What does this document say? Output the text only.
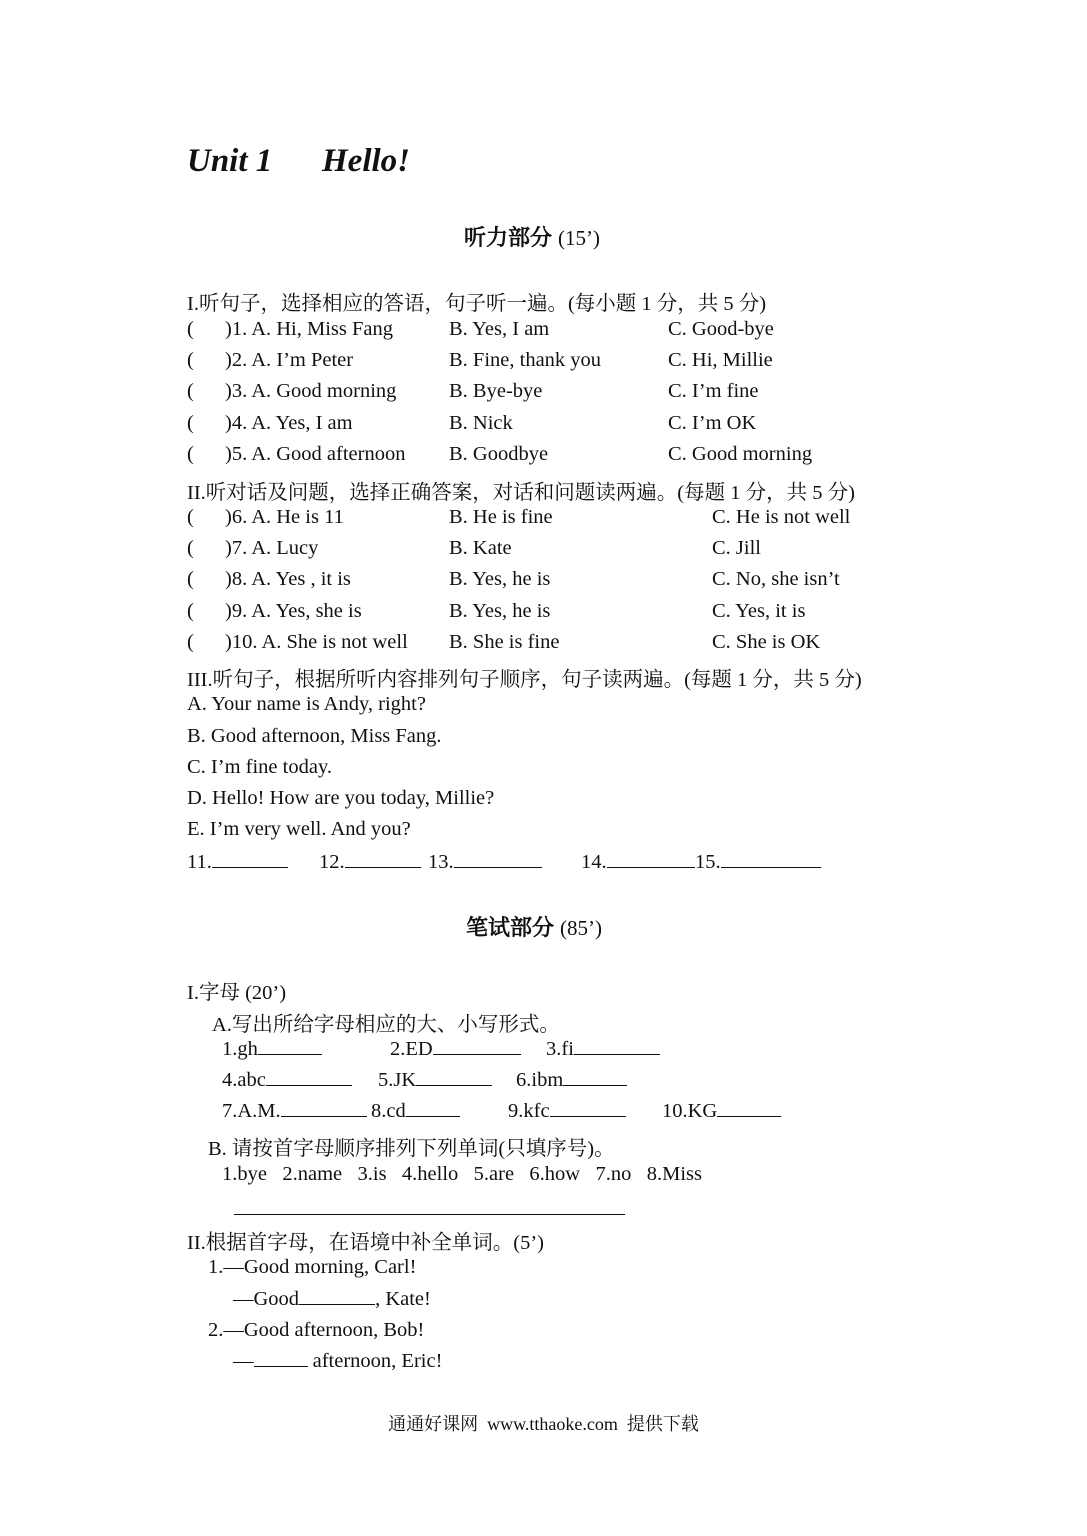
Unit 1 Hello!
听力部分 (15’)
I.听句子，选择相应的答语，句子听一遍。(每小题 1 分，共 5 分)
( )1. A. Hi, Miss Fang	B. Yes, I am	C. Good-bye
( )2. A. I’m Peter	B. Fine, thank you	C. Hi, Millie
( )3. A. Good morning	B. Bye-bye	C. I’m fine
( )4. A. Yes, I am	B. Nick	C. I’m OK
( )5. A. Good afternoon B. Goodbye	C. Good morning
II.听对话及问题，选择正确答案，对话和问题读两遍。(每题 1 分，共 5 分)
( )6. A. He is 11	B. He is fine	C. He is not well
( )7. A. Lucy	B. Kate	C. Jill
( )8. A. Yes , it is	B. Yes, he is	C. No, she isn’t
( )9. A. Yes, she is	B. Yes, he is	C. Yes, it is
( )10. A. She is not well B. She is fine	C. She is OK
III.听句子，根据所听内容排列句子顺序，句子读两遍。(每题 1 分，共 5 分)
A. Your name is Andy, right?
B. Good afternoon, Miss Fang.
C. I’m fine today.
D. Hello! How are you today, Millie?
E. I’m very well. And you?
11.	12.	13.	14.	15.
笔试部分 (85’)
I.字母 (20’)
A.写出所给字母相应的大、小写形式。
1.gh	2.ED	3.fi
4.abc	5.JK	6.ibm
7.A.M.	8.cd	9.kfc	10.KG
B. 请按首字母顺序排列下列单词(只填序号)。
1.bye   2.name   3.is   4.hello   5.are   6.how   7.no   8.Miss
II.根据首字母，在语境中补全单词。(5’)
1.—Good morning, Carl!
—Good	, Kate!
2.—Good afternoon, Bob!
—	afternoon, Eric!
通通好课网  www.tthaoke.com  提供下载
